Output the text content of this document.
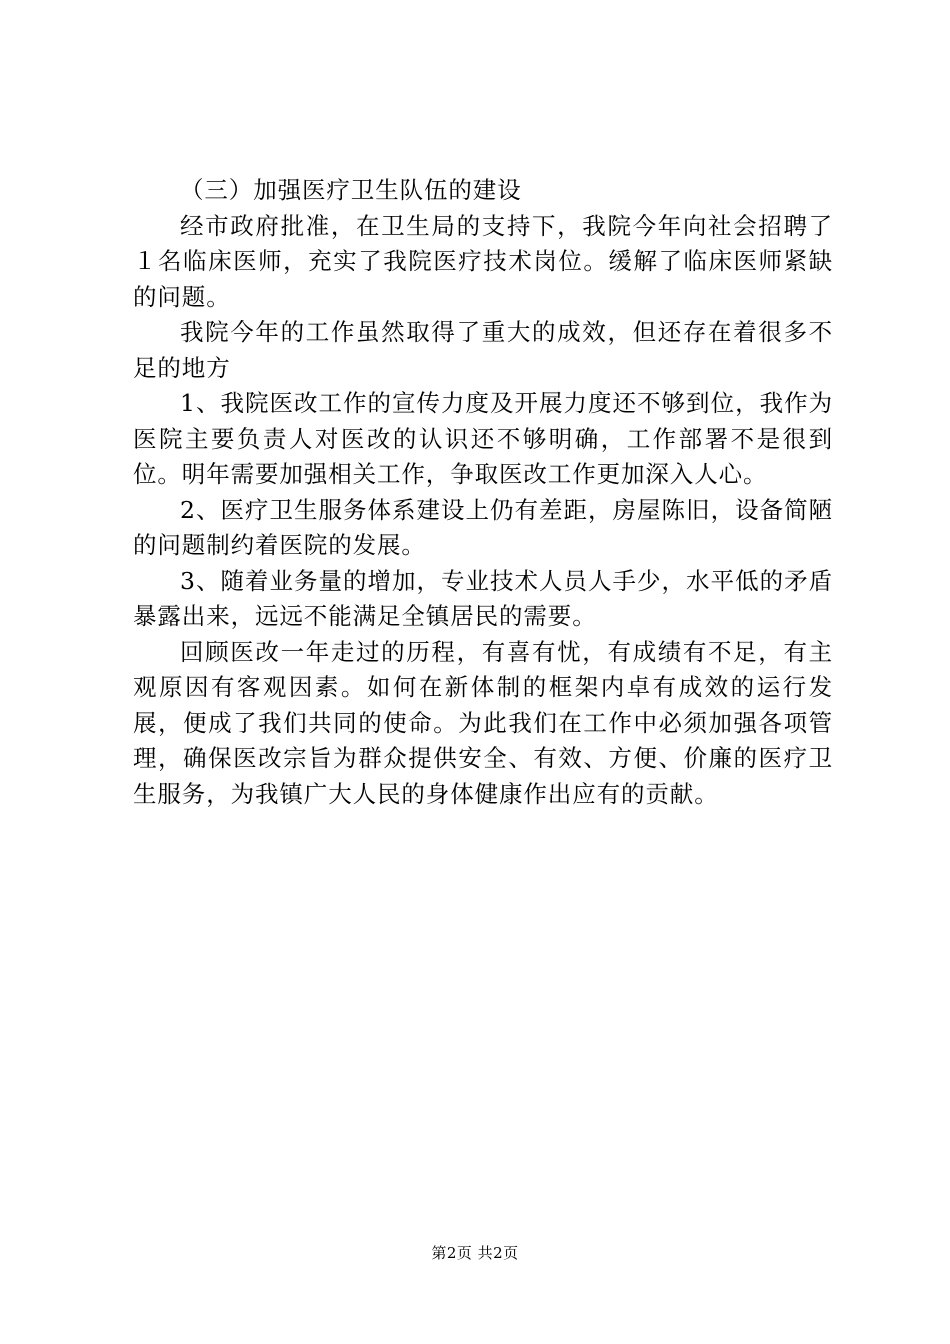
（三）加强医疗卫生队伍的建设

经市政府批准，在卫生局的支持下，我院今年向社会招聘了１名临床医师，充实了我院医疗技术岗位。缓解了临床医师紧缺的问题。

我院今年的工作虽然取得了重大的成效，但还存在着很多不足的地方

1、我院医改工作的宣传力度及开展力度还不够到位，我作为医院主要负责人对医改的认识还不够明确，工作部署不是很到位。明年需要加强相关工作，争取医改工作更加深入人心。

2、医疗卫生服务体系建设上仍有差距，房屋陈旧，设备简陋的问题制约着医院的发展。

3、随着业务量的增加，专业技术人员人手少，水平低的矛盾暴露出来，远远不能满足全镇居民的需要。

回顾医改一年走过的历程，有喜有忧，有成绩有不足，有主观原因有客观因素。如何在新体制的框架内卓有成效的运行发展，便成了我们共同的使命。为此我们在工作中必须加强各项管理，确保医改宗旨为群众提供安全、有效、方便、价廉的医疗卫生服务，为我镇广大人民的身体健康作出应有的贡献。

第2页 共2页
